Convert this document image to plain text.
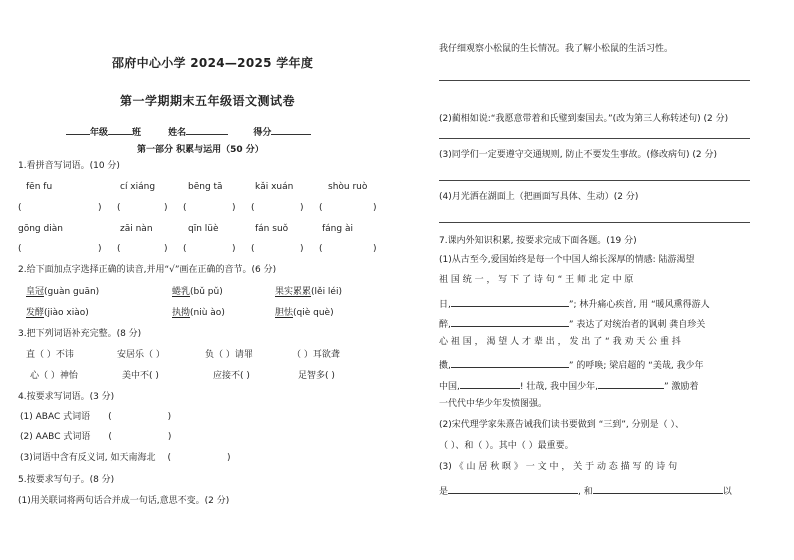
邵府中心小学 2024—2025 学年度
第一学期期末五年级语文测试卷
年级	班	姓名	得分
第一部分 积累与运用（50 分）
1.看拼音写词语。(10 分)
fēn fu	cí xiáng	bēng tā	kǎi xuán	shòu ruò
(	) (	) (	) (	) (	)
gōng diàn	zāi nàn	qīn lüè	fán suǒ	fáng ài
(	) (	) (	) (	) (	)
2.给下面加点字选择正确的读音,并用“√”画在正确的音节。(6 分)
皇冠(guàn guān)	蜷乳(bǔ pǔ)	果实累累(lěi léi)
发酵(jiào xiào)	执拗(niù ào)	胆怯(qiè què)
3.把下列词语补充完整。(8 分)
直（ ）不讳	安居乐（ ）	负（ ）请罪	（ ）耳欲聋
心（ ）神怡	美中不( )	应接不( )	足智多( )
4.按要求写词语。(3 分)
(1) ABAC 式词语 (	)
(2) AABC 式词语 (	)
(3)词语中含有反义词, 如天南海北 (	)
5.按要求写句子。(8 分)
(1)用关联词将两句话合并成一句话,意思不变。(2 分)
我仔细观察小松鼠的生长情况。我了解小松鼠的生活习性。
(2)蔺相如说:“我愿意带着和氏璧到秦国去。”(改为第三人称转述句) (2 分)
(3)同学们一定要遵守交通规则, 防止不要发生事故。(修改病句) (2 分)
(4)月光洒在湖面上（把画面写具体、生动）(2 分)
7.课内外知识积累, 按要求完成下面各题。(19 分)
(1)从古至今,爱国始终是每一个中国人绵长深厚的情感: 陆游渴望
祖 国 统 一 ， 写 下 了 诗 句 “ 王 师 北 定 中 原
日,	”; 林升痛心疾首, 用 “暖风熏得游人
醉,	” 表达了对统治者的讽刺 龚自珍关
心 祖 国 ， 渴 望 人 才 辈 出 ， 发 出 了 “ 我 劝 天 公 重 抖
擞,	” 的呼唤; 梁启超的 “美哉, 我少年
中国,	! 壮哉, 我中国少年,	” 激励着
一代代中华少年发愤图强。
(2)宋代理学家朱熹告诫我们读书要做到 “三到”, 分别是（ ）、
（ ）、和（ ）。其中（ ）最重要。
(3) 《 山 居 秋 暝 》 一 文 中 ， 关 于 动 态 描 写 的 诗 句
是	, 和	以
